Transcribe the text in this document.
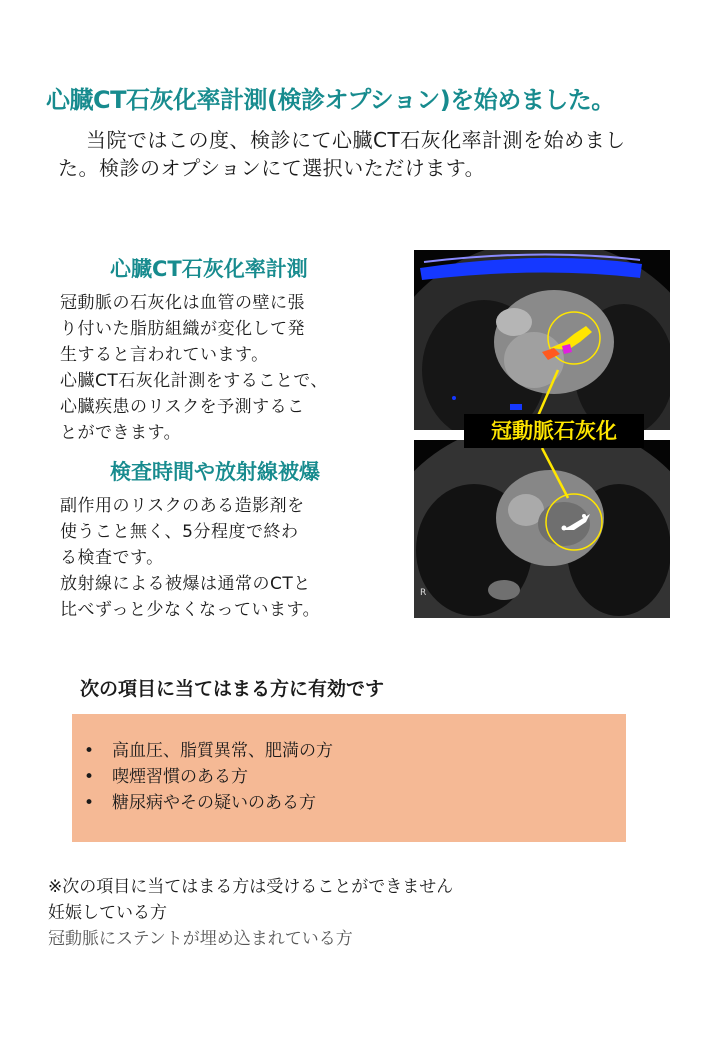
心臓CT石灰化率計測(検診オプション)を始めました。
当院ではこの度、検診にて心臓CT石灰化率計測を始めました。検診のオプションにて選択いただけます。
心臓CT石灰化率計測
冠動脈の石灰化は血管の壁に張
り付いた脂肪組織が変化して発
生すると言われています。
心臓CT石灰化計測をすることで、
心臓疾患のリスクを予測するこ
とができます。
検査時間や放射線被爆
副作用のリスクのある造影剤を
使うこと無く、5分程度で終わ
る検査です。
放射線による被爆は通常のCTと
比べずっと少なくなっています。
R
冠動脈石灰化
次の項目に当てはまる方に有効です
• 高血圧、脂質異常、肥満の方
• 喫煙習慣のある方
• 糖尿病やその疑いのある方
※次の項目に当てはまる方は受けることができません
妊娠している方
冠動脈にステントが埋め込まれている方
